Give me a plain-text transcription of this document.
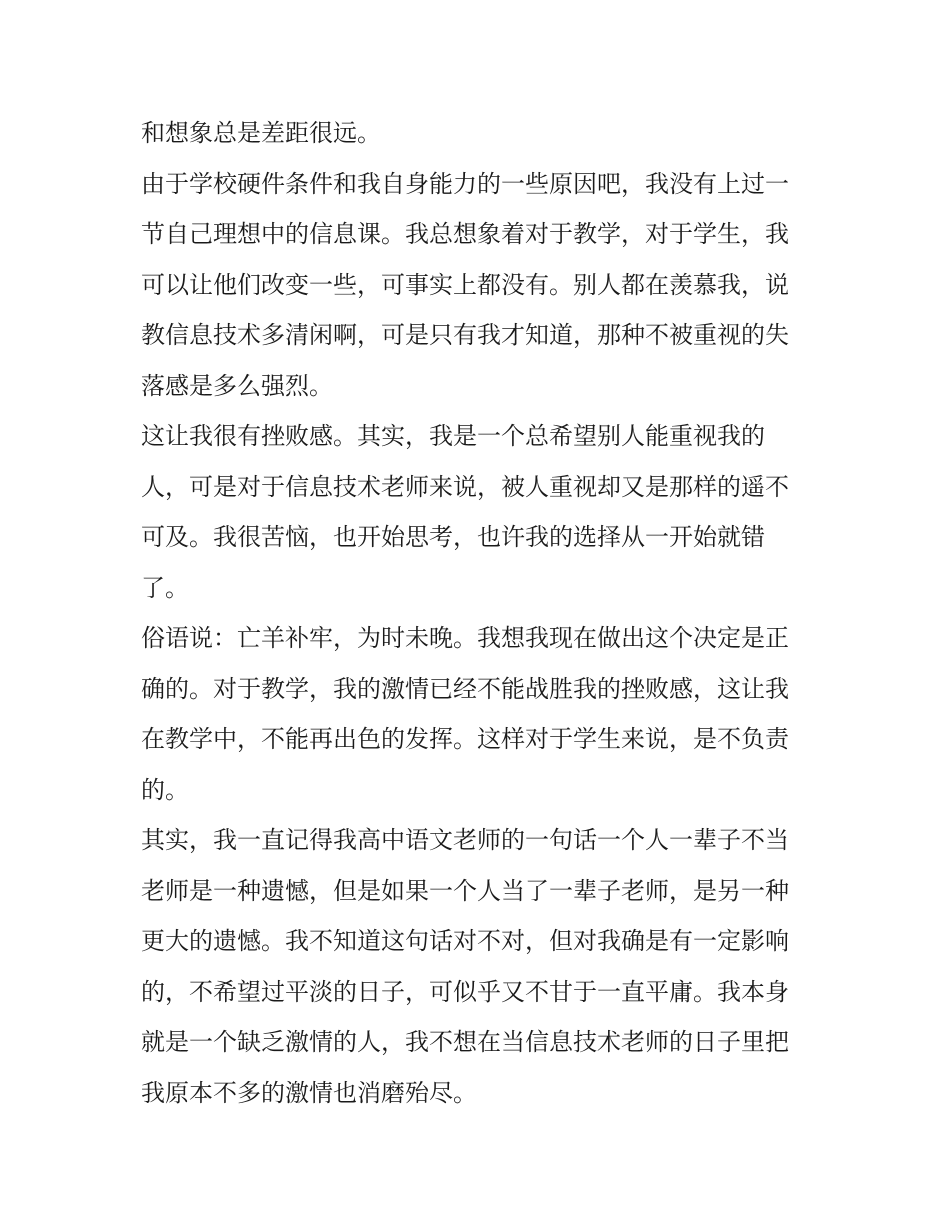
和想象总是差距很远。

由于学校硬件条件和我自身能力的一些原因吧，我没有上过一

节自己理想中的信息课。我总想象着对于教学，对于学生，我

可以让他们改变一些，可事实上都没有。别人都在羡慕我，说

教信息技术多清闲啊，可是只有我才知道，那种不被重视的失

落感是多么强烈。

这让我很有挫败感。其实，我是一个总希望别人能重视我的

人，可是对于信息技术老师来说，被人重视却又是那样的遥不

可及。我很苦恼，也开始思考，也许我的选择从一开始就错

了。

俗语说：亡羊补牢，为时未晚。我想我现在做出这个决定是正

确的。对于教学，我的激情已经不能战胜我的挫败感，这让我

在教学中，不能再出色的发挥。这样对于学生来说，是不负责

的。

其实，我一直记得我高中语文老师的一句话一个人一辈子不当

老师是一种遗憾，但是如果一个人当了一辈子老师，是另一种

更大的遗憾。我不知道这句话对不对，但对我确是有一定影响

的，不希望过平淡的日子，可似乎又不甘于一直平庸。我本身

就是一个缺乏激情的人，我不想在当信息技术老师的日子里把

我原本不多的激情也消磨殆尽。
